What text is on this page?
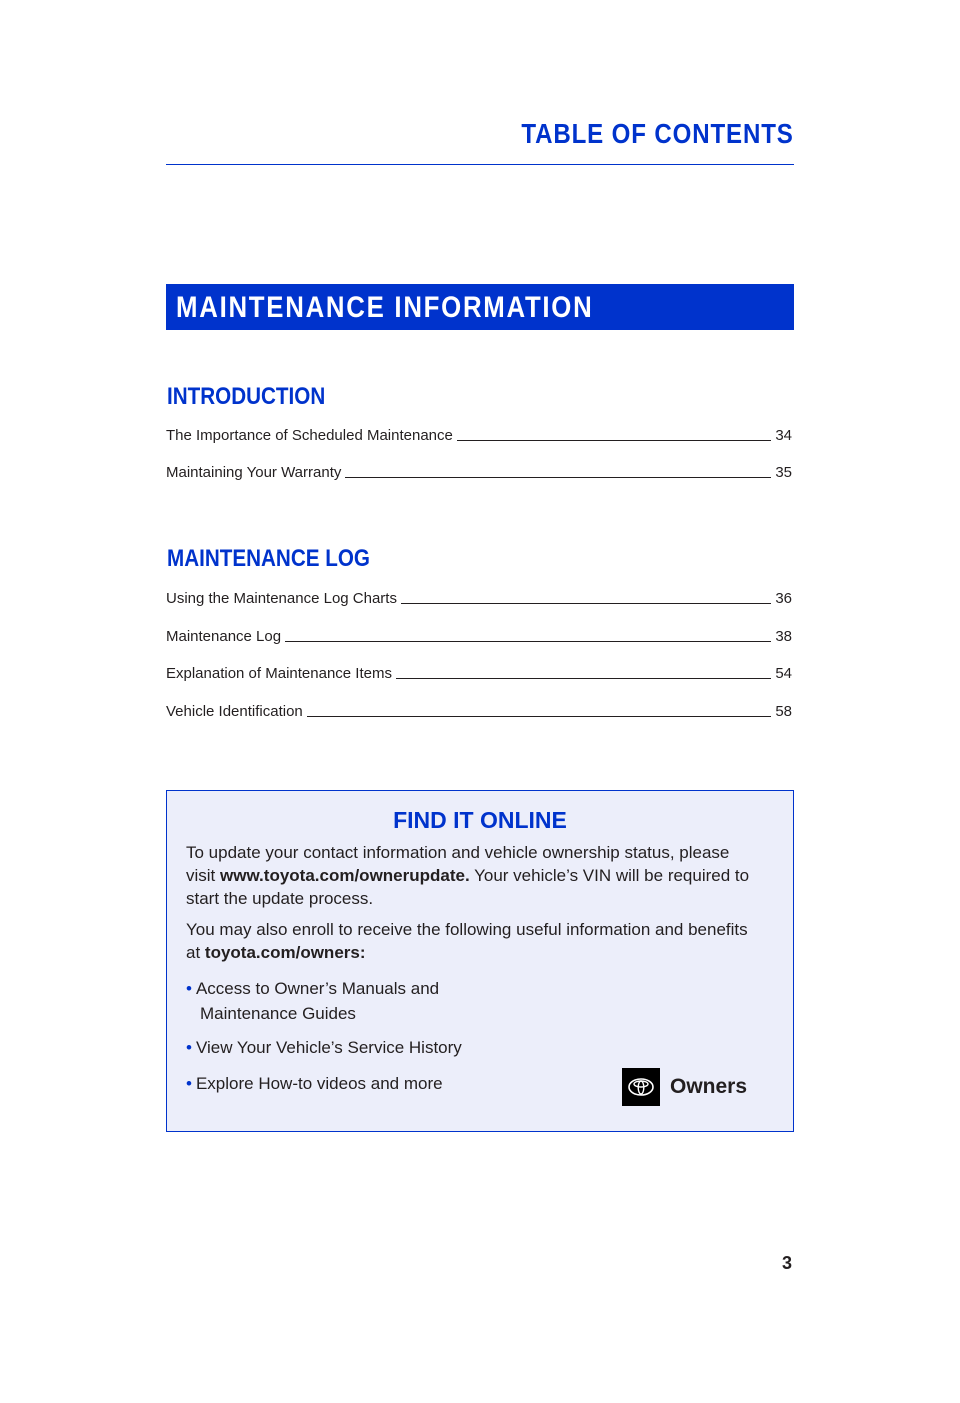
TABLE OF CONTENTS
MAINTENANCE INFORMATION
INTRODUCTION
The Importance of Scheduled Maintenance	34
Maintaining Your Warranty	35
MAINTENANCE LOG
Using the Maintenance Log Charts	36
Maintenance Log	38
Explanation of Maintenance Items	54
Vehicle Identification	58
FIND IT ONLINE
To update your contact information and vehicle ownership status, please visit www.toyota.com/ownerupdate. Your vehicle’s VIN will be required to start the update process.
You may also enroll to receive the following useful information and benefits at toyota.com/owners:
• Access to Owner’s Manuals and
Maintenance Guides
• View Your Vehicle’s Service History
• Explore How-to videos and more	Owners
3
